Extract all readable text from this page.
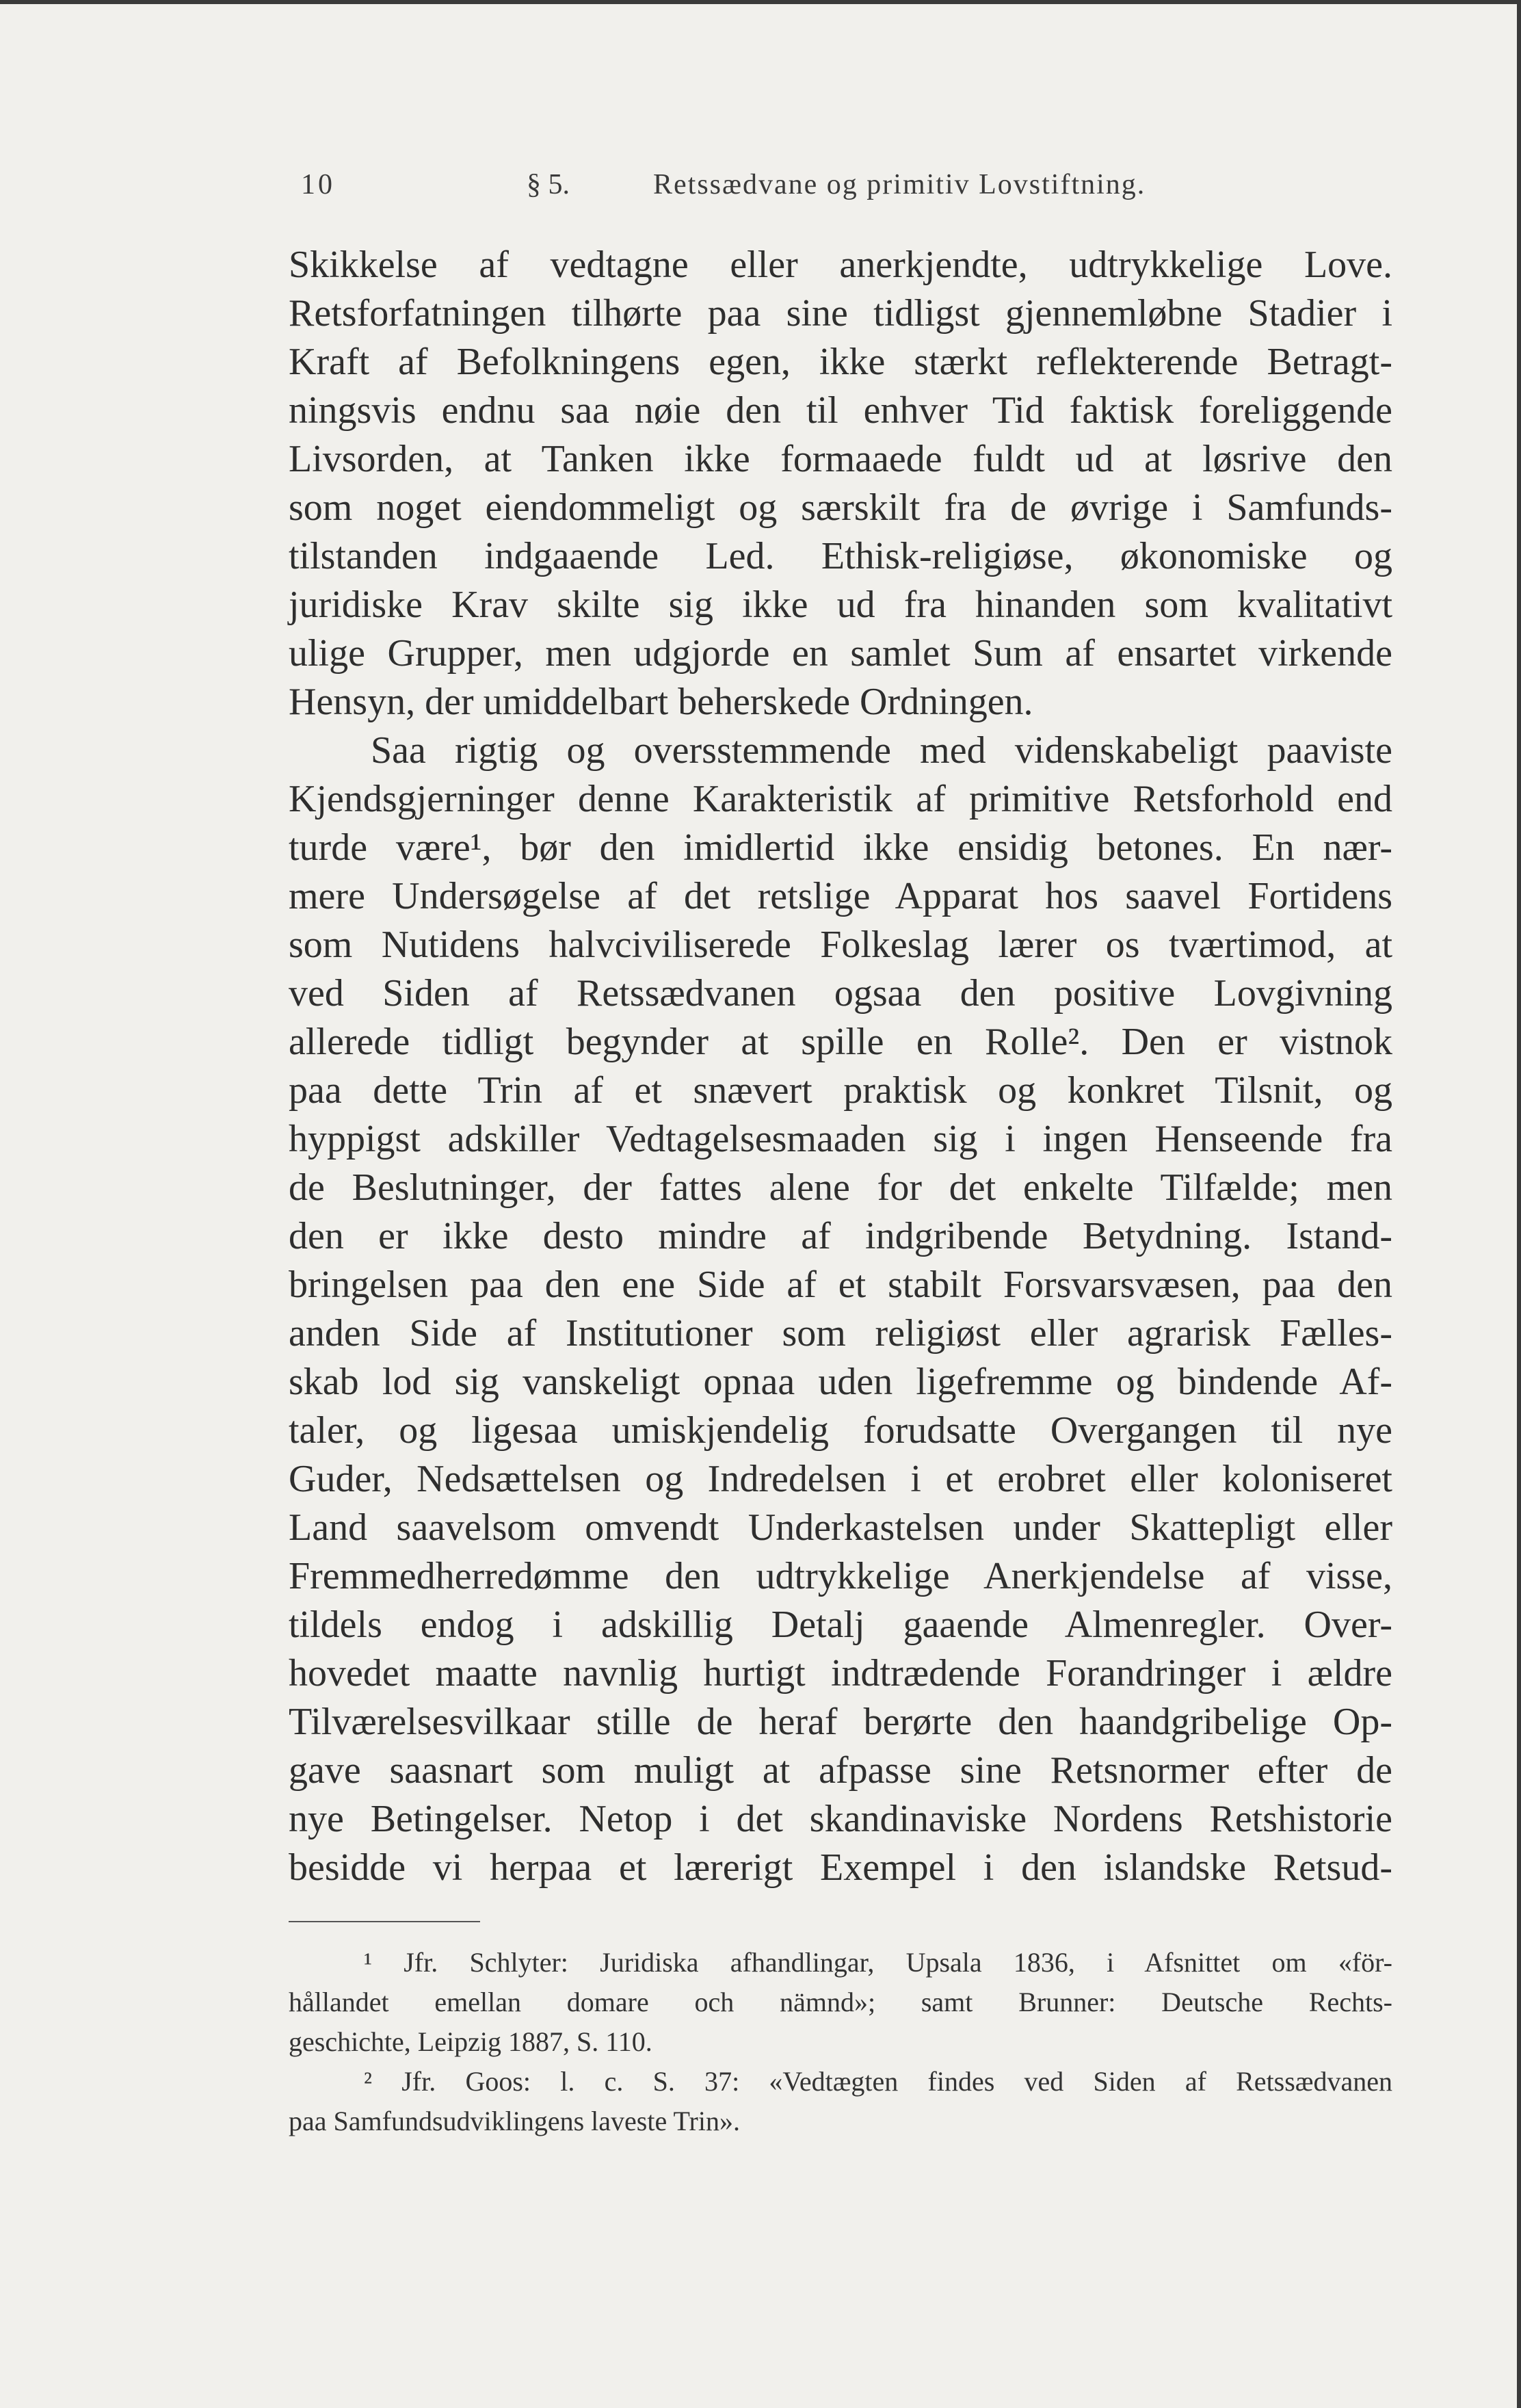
10	§ 5.	Retssædvane og primitiv Lovstiftning.
Skikkelse af vedtagne eller anerkjendte, udtrykkelige Love.
Retsforfatningen tilhørte paa sine tidligst gjennemløbne Stadier i
Kraft af Befolkningens egen, ikke stærkt reflekterende Betragt-
ningsvis endnu saa nøie den til enhver Tid faktisk foreliggende
Livsorden, at Tanken ikke formaaede fuldt ud at løsrive den
som noget eiendommeligt og særskilt fra de øvrige i Samfunds-
tilstanden indgaaende Led. Ethisk-religiøse, økonomiske og
juridiske Krav skilte sig ikke ud fra hinanden som kvalitativt
ulige Grupper, men udgjorde en samlet Sum af ensartet virkende
Hensyn, der umiddelbart beherskede Ordningen.
Saa rigtig og oversstemmende med videnskabeligt paaviste
Kjendsgjerninger denne Karakteristik af primitive Retsforhold end
turde være¹, bør den imidlertid ikke ensidig betones. En nær-
mere Undersøgelse af det retslige Apparat hos saavel Fortidens
som Nutidens halvciviliserede Folkeslag lærer os tværtimod, at
ved Siden af Retssædvanen ogsaa den positive Lovgivning
allerede tidligt begynder at spille en Rolle². Den er vistnok
paa dette Trin af et snævert praktisk og konkret Tilsnit, og
hyppigst adskiller Vedtagelsesmaaden sig i ingen Henseende fra
de Beslutninger, der fattes alene for det enkelte Tilfælde; men
den er ikke desto mindre af indgribende Betydning. Istand-
bringelsen paa den ene Side af et stabilt Forsvarsvæsen, paa den
anden Side af Institutioner som religiøst eller agrarisk Fælles-
skab lod sig vanskeligt opnaa uden ligefremme og bindende Af-
taler, og ligesaa umiskjendelig forudsatte Overgangen til nye
Guder, Nedsættelsen og Indredelsen i et erobret eller koloniseret
Land saavelsom omvendt Underkastelsen under Skattepligt eller
Fremmedherredømme den udtrykkelige Anerkjendelse af visse,
tildels endog i adskillig Detalj gaaende Almenregler. Over-
hovedet maatte navnlig hurtigt indtrædende Forandringer i ældre
Tilværelsesvilkaar stille de heraf berørte den haandgribelige Op-
gave saasnart som muligt at afpasse sine Retsnormer efter de
nye Betingelser. Netop i det skandinaviske Nordens Retshistorie
besidde vi herpaa et lærerigt Exempel i den islandske Retsud-
¹ Jfr. Schlyter: Juridiska afhandlingar, Upsala 1836, i Afsnittet om «för-
hållandet emellan domare och nämnd»; samt Brunner: Deutsche Rechts-
geschichte, Leipzig 1887, S. 110.
² Jfr. Goos: l. c. S. 37: «Vedtægten findes ved Siden af Retssædvanen
paa Samfundsudviklingens laveste Trin».
